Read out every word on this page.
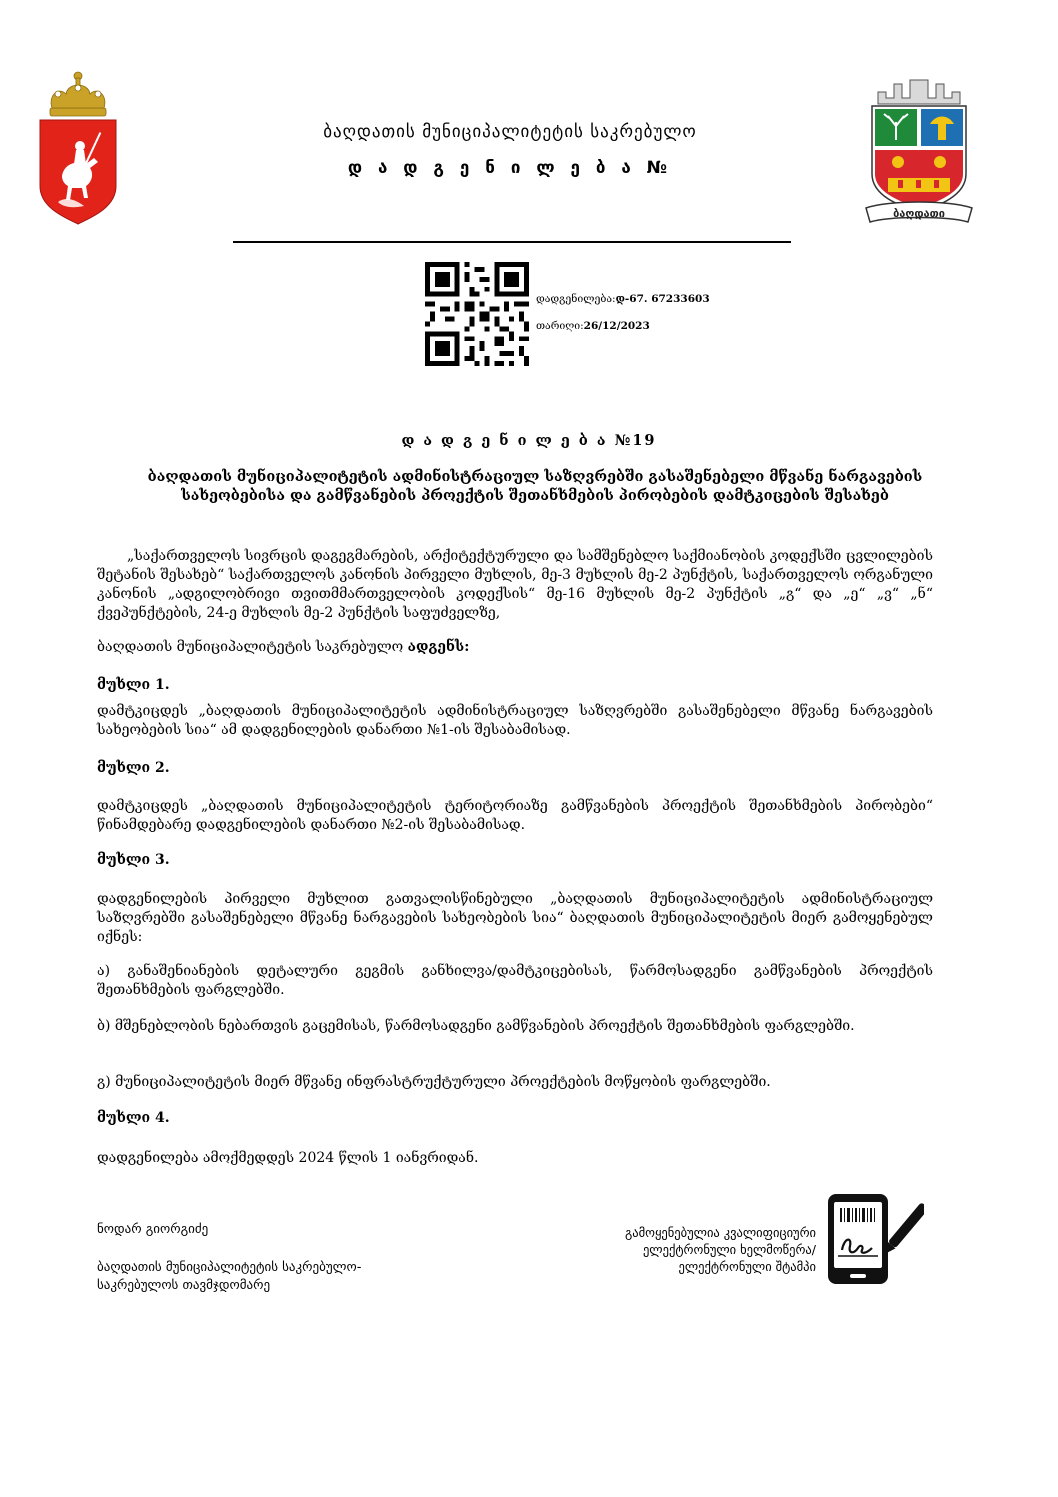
ბაღდათის მუნიციპალიტეტის საკრებულო
დ ა დ გ ე ნ ი ლ ე ბ ა №
ბაღდათი
დადგენილება:დ-67. 67233603
თარიღი:26/12/2023
დ ა დ გ ე ნ ი ლ ე ბ ა №19
ბაღდათის მუნიციპალიტეტის ადმინისტრაციულ საზღვრებში გასაშენებელი მწვანე ნარგავების სახეობებისა და გამწვანების პროექტის შეთანხმების პირობების დამტკიცების შესახებ
„საქართველოს სივრცის დაგეგმარების, არქიტექტურული და სამშენებლო საქმიანობის კოდექსში ცვლილების შეტანის შესახებ“ საქართველოს კანონის პირველი მუხლის, მე-3 მუხლის მე-2 პუნქტის, საქართველოს ორგანული კანონის „ადგილობრივი თვითმმართველობის კოდექსის“ მე-16 მუხლის მე-2 პუნქტის „გ“ და „ე“ „ვ“ „ნ“ ქვეპუნქტების, 24-ე მუხლის მე-2 პუნქტის საფუძველზე,
ბაღდათის მუნიციპალიტეტის საკრებულო ადგენს:
მუხლი 1.
დამტკიცდეს „ბაღდათის მუნიციპალიტეტის ადმინისტრაციულ საზღვრებში გასაშენებელი მწვანე ნარგავების სახეობების სია“ ამ დადგენილების დანართი №1-ის შესაბამისად.
მუხლი 2.
დამტკიცდეს „ბაღდათის მუნიციპალიტეტის ტერიტორიაზე გამწვანების პროექტის შეთანხმების პირობები“ წინამდებარე დადგენილების დანართი №2-ის შესაბამისად.
მუხლი 3.
დადგენილების პირველი მუხლით გათვალისწინებული „ბაღდათის მუნიციპალიტეტის ადმინისტრაციულ საზღვრებში გასაშენებელი მწვანე ნარგავების სახეობების სია“ ბაღდათის მუნიციპალიტეტის მიერ გამოყენებულ იქნეს:
ა) განაშენიანების დეტალური გეგმის განხილვა/დამტკიცებისას, წარმოსადგენი გამწვანების პროექტის შეთანხმების ფარგლებში.
ბ) მშენებლობის ნებართვის გაცემისას, წარმოსადგენი გამწვანების პროექტის შეთანხმების ფარგლებში.
გ) მუნიციპალიტეტის მიერ მწვანე ინფრასტრუქტურული პროექტების მოწყობის ფარგლებში.
მუხლი 4.
დადგენილება ამოქმედდეს 2024 წლის 1 იანვრიდან.
ნოდარ გიორგიძე
ბაღდათის მუნიციპალიტეტის საკრებულო-
საკრებულოს თავმჯდომარე
გამოყენებულია კვალიფიციური
ელექტრონული ხელმოწერა/
ელექტრონული შტამპი
